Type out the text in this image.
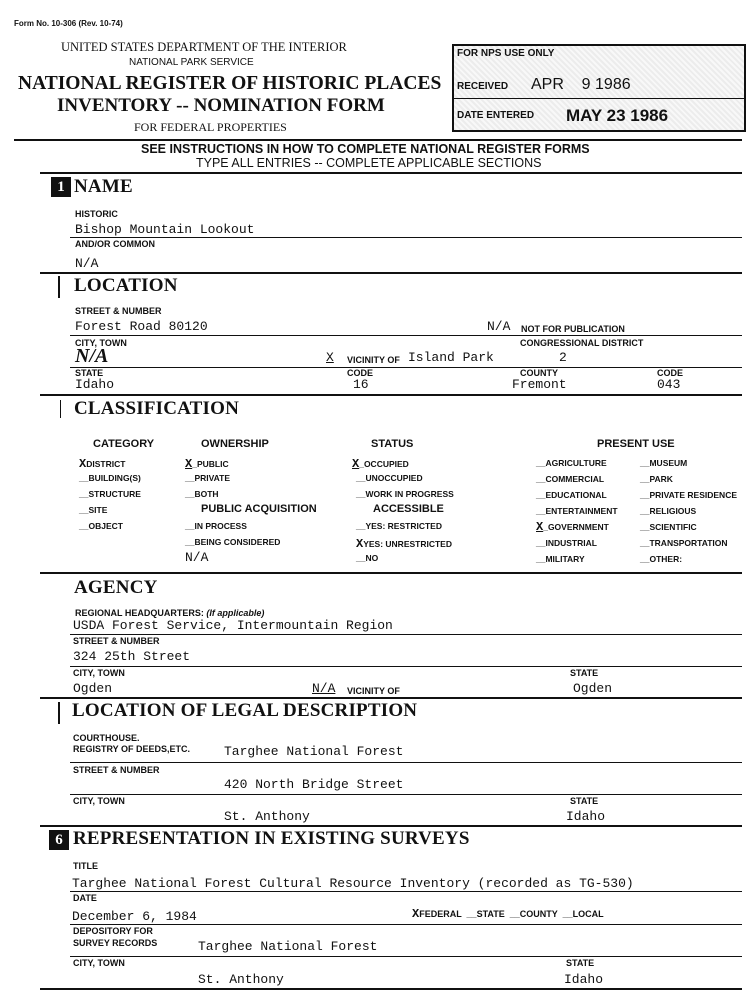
Form No. 10-306 (Rev. 10-74)
UNITED STATES DEPARTMENT OF THE INTERIOR
NATIONAL PARK SERVICE
NATIONAL REGISTER OF HISTORIC PLACES
INVENTORY -- NOMINATION FORM
FOR FEDERAL PROPERTIES
FOR NPS USE ONLY
RECEIVED APR    9 1986
DATE ENTERED MAY 23 1986
SEE INSTRUCTIONS IN HOW TO COMPLETE NATIONAL REGISTER FORMS
TYPE ALL ENTRIES -- COMPLETE APPLICABLE SECTIONS
1 NAME
HISTORIC
Bishop Mountain Lookout
AND/OR COMMON
N/A
LOCATION
STREET & NUMBER
Forest Road 80120	N/A NOT FOR PUBLICATION
CITY, TOWN
N/A
CONGRESSIONAL DISTRICT
X VICINITY OF Island Park	2
STATE
Idaho
CODE
16
COUNTY
Fremont
CODE
043
CLASSIFICATION
CATEGORY	OWNERSHIP	STATUS	PRESENT USE
XDISTRICT
__BUILDING(S)
__STRUCTURE
__SITE
__OBJECT
X_PUBLIC
__PRIVATE
__BOTH
PUBLIC ACQUISITION
__IN PROCESS
__BEING CONSIDERED
N/A
X_OCCUPIED
__UNOCCUPIED
__WORK IN PROGRESS
ACCESSIBLE
__YES: RESTRICTED
XYES: UNRESTRICTED
__NO
__AGRICULTURE
__COMMERCIAL
__EDUCATIONAL
__ENTERTAINMENT
X_GOVERNMENT
__INDUSTRIAL
__MILITARY
__MUSEUM
__PARK
__PRIVATE RESIDENCE
__RELIGIOUS
__SCIENTIFIC
__TRANSPORTATION
__OTHER:
AGENCY
REGIONAL HEADQUARTERS: (If applicable)
USDA Forest Service, Intermountain Region
STREET & NUMBER
324 25th Street
CITY, TOWN
Ogden	N/A VICINITY OF
STATE
Ogden
LOCATION OF LEGAL DESCRIPTION
COURTHOUSE.
REGISTRY OF DEEDS,ETC.	Targhee National Forest
STREET & NUMBER
420 North Bridge Street
CITY, TOWN	STATE
St. Anthony	Idaho
6 REPRESENTATION IN EXISTING SURVEYS
TITLE
Targhee National Forest Cultural Resource Inventory (recorded as TG-530)
DATE
December 6, 1984	XFEDERAL  __STATE  __COUNTY  __LOCAL
DEPOSITORY FOR
SURVEY RECORDS	Targhee National Forest
CITY, TOWN	STATE
St. Anthony	Idaho
